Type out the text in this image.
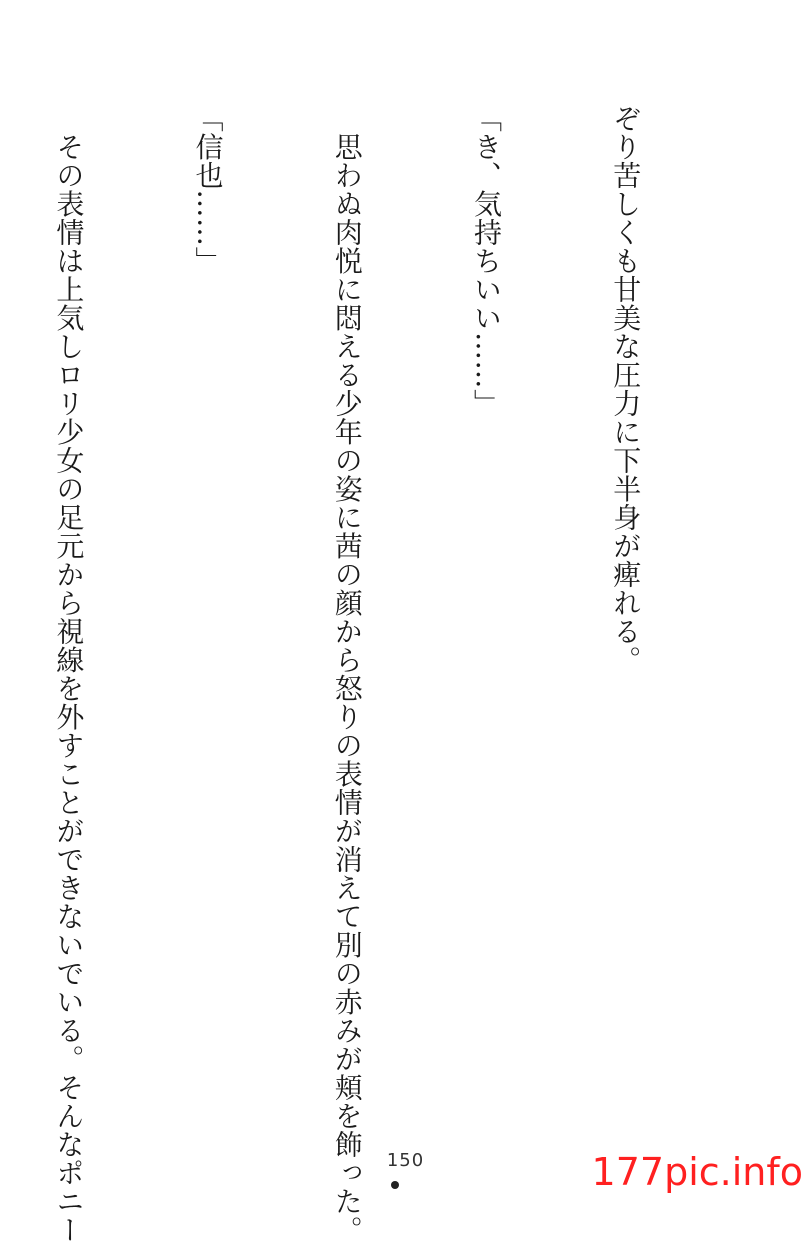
ぞり苦しくも甘美な圧力に下半身が痺れる。

「き、気持ちいい……」

　思わぬ肉悦に悶える少年の姿に茜の顔から怒りの表情が消えて別の赤みが頬を飾った。

「信也……」

　その表情は上気しロリ少女の足元から視線を外すことができないでいる。そんなポニー

	150	177pic.info
